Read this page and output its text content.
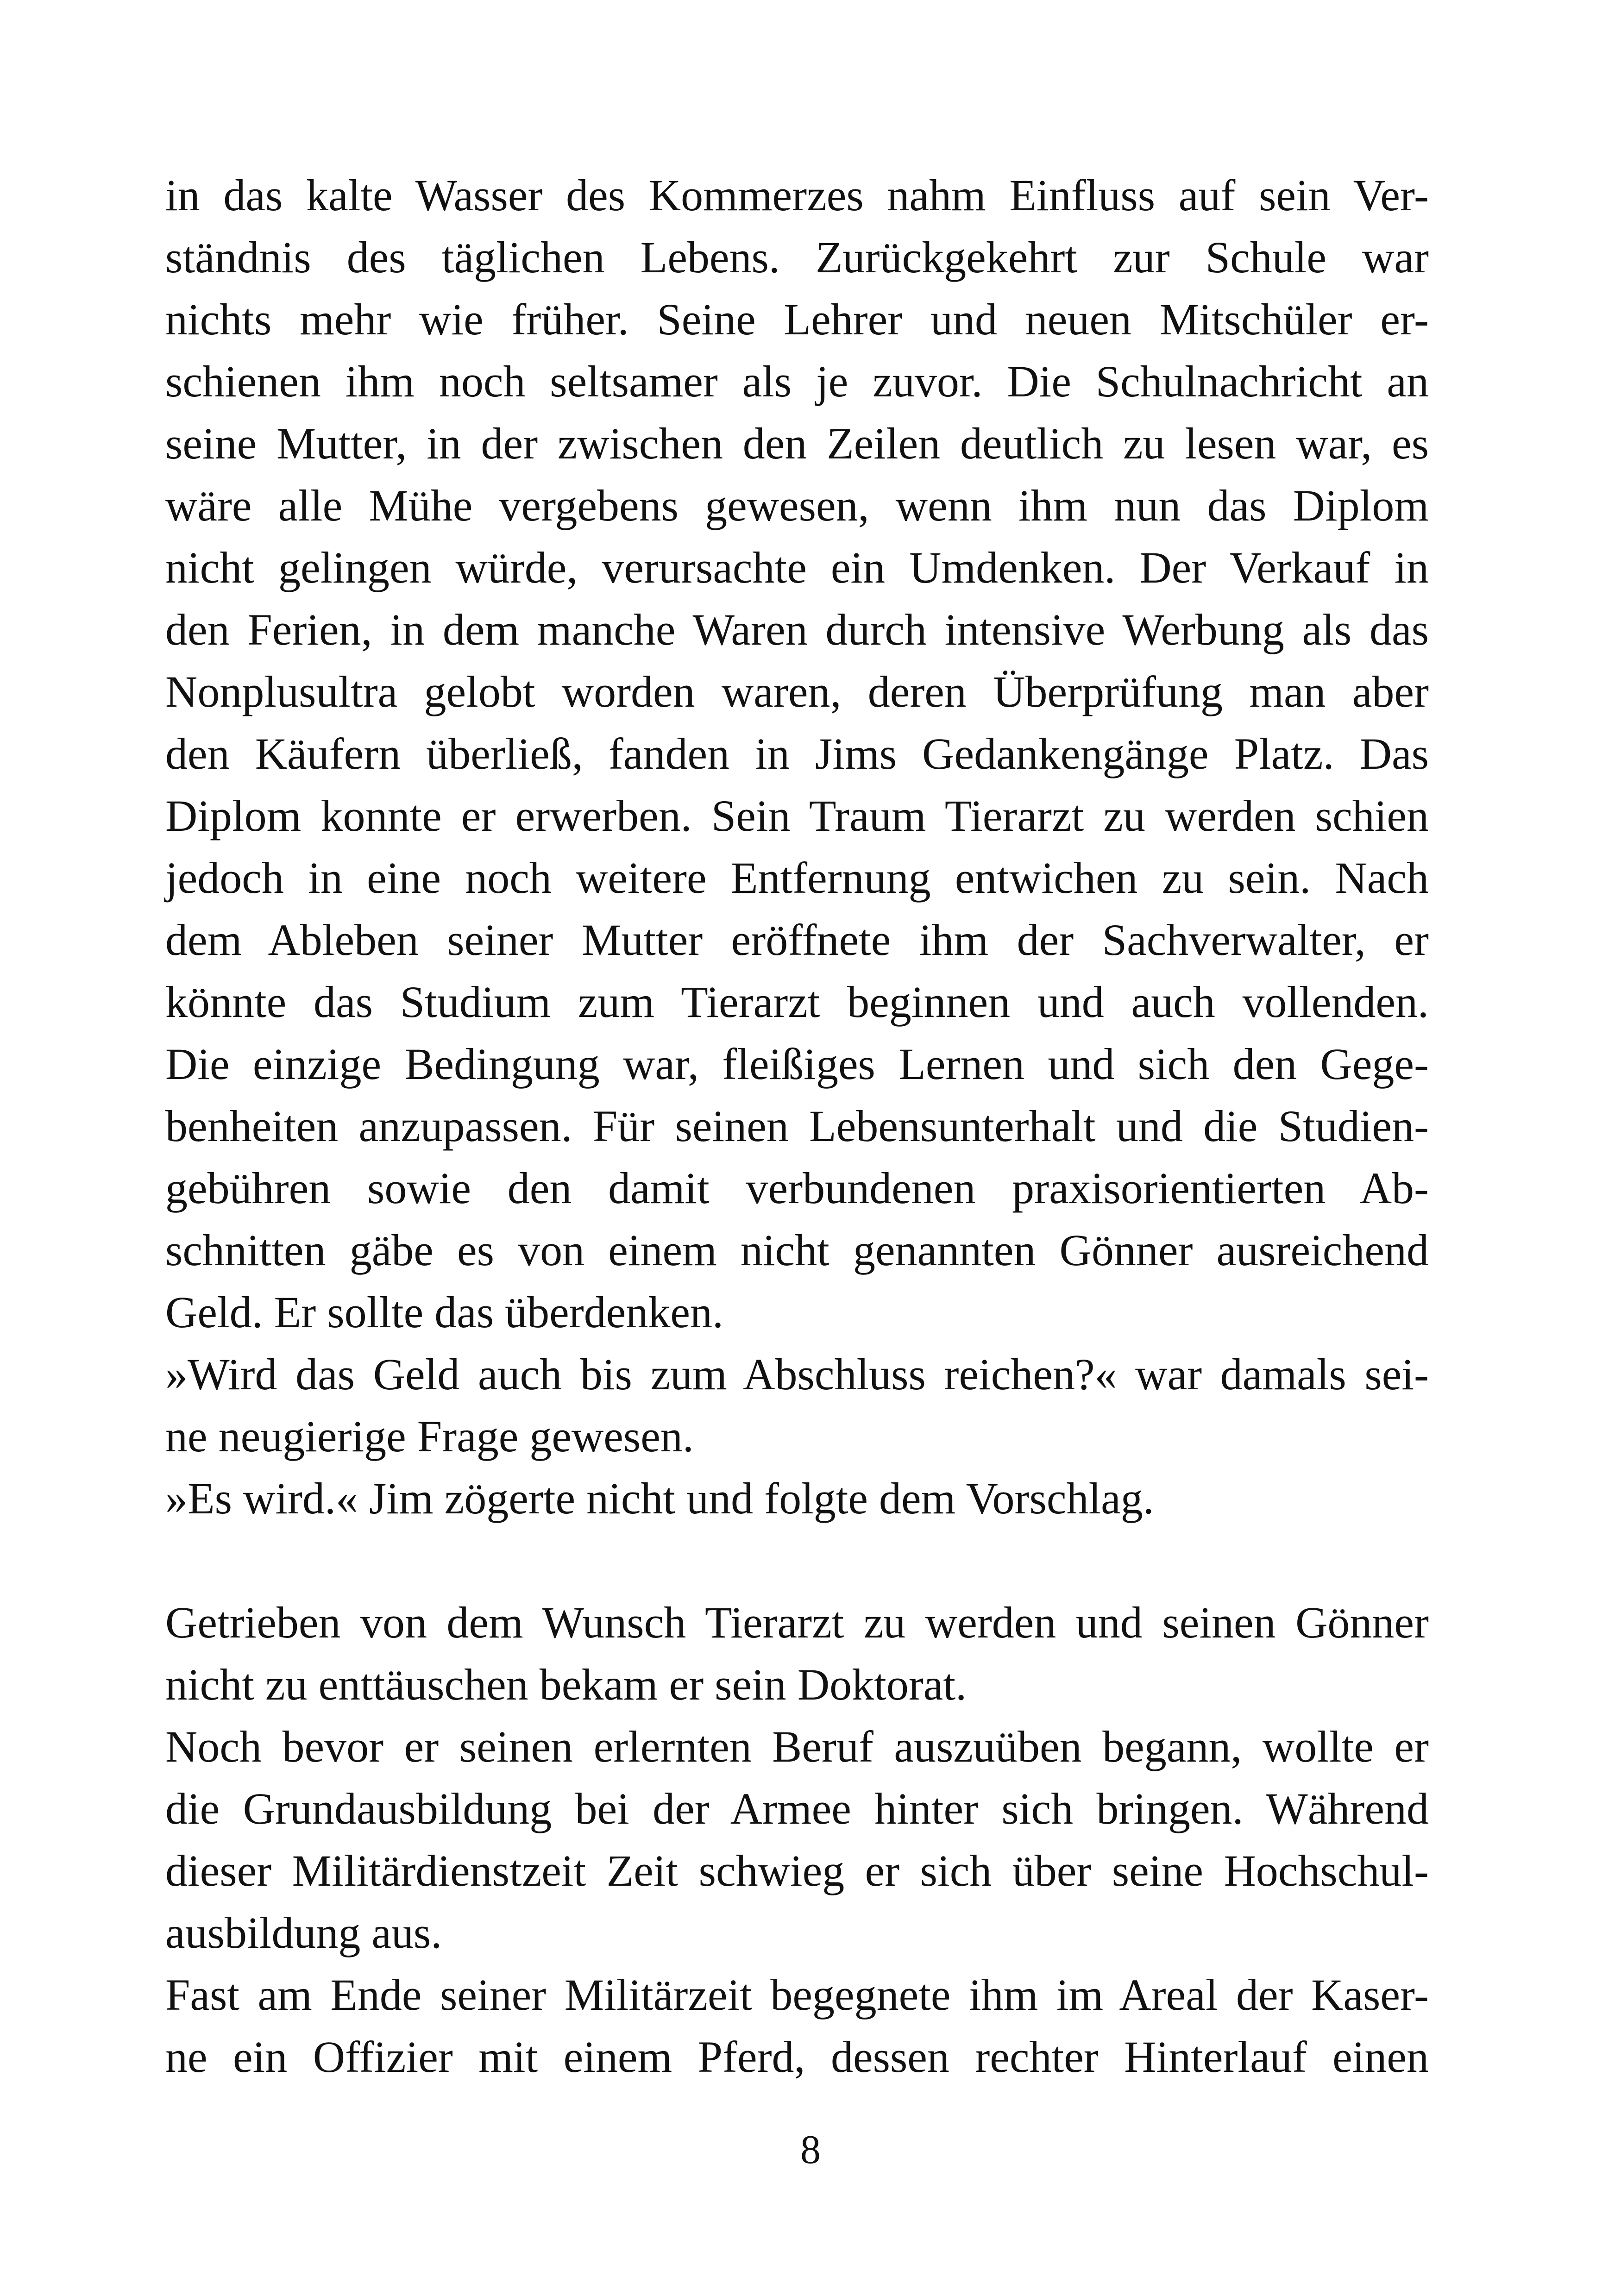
in das kalte Wasser des Kommerzes nahm Einfluss auf sein Ver-
ständnis des täglichen Lebens. Zurückgekehrt zur Schule war
nichts mehr wie früher. Seine Lehrer und neuen Mitschüler er-
schienen ihm noch seltsamer als je zuvor. Die Schulnachricht an
seine Mutter, in der zwischen den Zeilen deutlich zu lesen war, es
wäre alle Mühe vergebens gewesen, wenn ihm nun das Diplom
nicht gelingen würde, verursachte ein Umdenken. Der Verkauf in
den Ferien, in dem manche Waren durch intensive Werbung als das
Nonplusultra gelobt worden waren, deren Überprüfung man aber
den Käufern überließ, fanden in Jims Gedankengänge Platz. Das
Diplom konnte er erwerben. Sein Traum Tierarzt zu werden schien
jedoch in eine noch weitere Entfernung entwichen zu sein. Nach
dem Ableben seiner Mutter eröffnete ihm der Sachverwalter, er
könnte das Studium zum Tierarzt beginnen und auch vollenden.
Die einzige Bedingung war, fleißiges Lernen und sich den Gege-
benheiten anzupassen. Für seinen Lebensunterhalt und die Studien-
gebühren sowie den damit verbundenen praxisorientierten Ab-
schnitten gäbe es von einem nicht genannten Gönner ausreichend
Geld. Er sollte das überdenken.
»Wird das Geld auch bis zum Abschluss reichen?« war damals sei-
ne neugierige Frage gewesen.
»Es wird.« Jim zögerte nicht und folgte dem Vorschlag.
Getrieben von dem Wunsch Tierarzt zu werden und seinen Gönner
nicht zu enttäuschen bekam er sein Doktorat.
Noch bevor er seinen erlernten Beruf auszuüben begann, wollte er
die Grundausbildung bei der Armee hinter sich bringen. Während
dieser Militärdienstzeit Zeit schwieg er sich über seine Hochschul-
ausbildung aus.
Fast am Ende seiner Militärzeit begegnete ihm im Areal der Kaser-
ne ein Offizier mit einem Pferd, dessen rechter Hinterlauf einen
8
